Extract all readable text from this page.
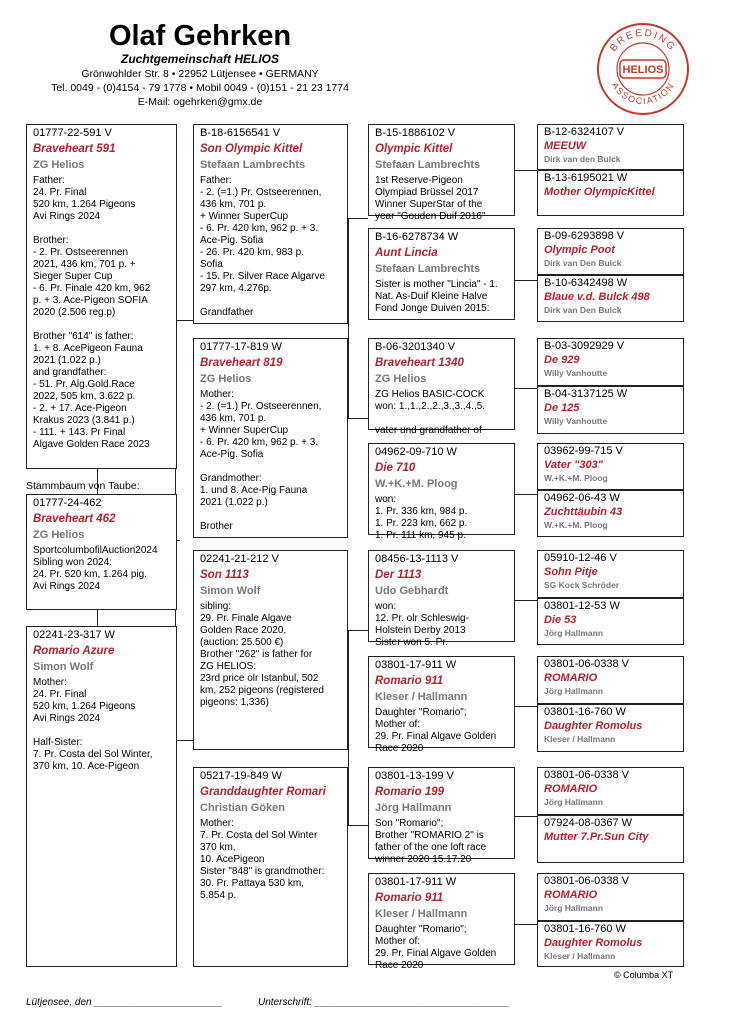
Olaf Gehrken
Zuchtgemeinschaft HELIOS
Grönwohlder Str. 8 • 22952 Lütjensee • GERMANY
Tel. 0049 - (0)4154 - 79 1778 • Mobil 0049 - (0)151 - 21 23 1774
E-Mail: ogehrken@gmx.de
BREEDING
ASSOCIATION
HELIOS
01777-22-591 V
Braveheart 591
ZG Helios
Father:
24. Pr. Final
520 km, 1.264 Pigeons
Avi Rings 2024

Brother:
- 2. Pr. Ostseerennen
2021, 436 km, 701 p. +
Sieger Super Cup
- 6. Pr. Finale 420 km, 962
p. + 3. Ace-Pigeon SOFIA
2020 (2.506 reg.p)

Brother "614" is father:
1. + 8. AcePigeon Fauna
2021 (1.022 p.)
and grandfather:
- 51. Pr. Alg.Gold.Race
2022, 505 km, 3.622 p.
- 2. + 17. Ace-Pigeon
Krakus 2023 (3.841 p.)
- 111. + 143. Pr Final
Algave Golden Race 2023
Stammbaum von Taube:
01777-24-462
Braveheart 462
ZG Helios
SportcolumbofilAuction2024
Sibling won 2024:
24. Pr. 520 km, 1.264 pig.
Avi Rings 2024
02241-23-317 W
Romario Azure
Simon Wolf
Mother:
24. Pr. Final
520 km, 1.264 Pigeons
Avi Rings 2024

Half-Sister:
7. Pr. Costa del Sol Winter,
370 km, 10. Ace-Pigeon
B-18-6156541 V
Son Olympic Kittel
Stefaan Lambrechts
Father:
- 2. (=1.) Pr. Ostseerennen,
436 km, 701 p.
+ Winner SuperCup
- 6. Pr. 420 km, 962 p. + 3.
Ace-Pig. Sofia
- 26. Pr. 420 km, 983 p.
Sofia
- 15. Pr. Silver Race Algarve
297 km, 4.276p.

Grandfather
01777-17-819 W
Braveheart 819
ZG Helios
Mother:
- 2. (=1.) Pr. Ostseerennen,
436 km, 701 p.
+ Winner SuperCup
- 6. Pr. 420 km, 962 p. + 3.
Ace-Pig. Sofia

Grandmother:
1. und 8. Ace-Pig Fauna
2021 (1.022 p.)

Brother
02241-21-212 V
Son 1113
Simon Wolf
sibling:
29. Pr. Finale Algave
Golden Race 2020,
(auction: 25.500 €)
Brother "262" is father for
ZG HELIOS:
23rd price olr Istanbul, 502
km, 252 pigeons (registered
pigeons: 1,336)
05217-19-849 W
Granddaughter Romari
Christian Göken
Mother:
7. Pr. Costa del Sol Winter
370 km,
10. AcePigeon
Sister "848" is grandmother:
30. Pr. Pattaya 530 km,
5.854 p.
B-15-1886102 V
Olympic Kittel
Stefaan Lambrechts
1st Reserve-Pigeon
Olympiad Brüssel 2017
Winner SuperStar of the
year "Gouden Duif 2016"
B-16-6278734 W
Aunt Lincia
Stefaan Lambrechts
Sister is mother "Lincia" - 1.
Nat. As-Duif Kleine Halve
Fond Jonge Duiven 2015:
B-06-3201340 V
Braveheart 1340
ZG Helios
ZG Helios BASIC-COCK
won: 1.,1.,2.,2.,3.,3.,4.,5.

vater und grandfather of
04962-09-710 W
Die 710
W.+K.+M. Ploog
won:
1. Pr. 336 km, 984 p.
1. Pr. 223 km, 662 p.
1. Pr. 111 km, 945 p.
08456-13-1113 V
Der 1113
Udo Gebhardt
won:
12. Pr. olr Schleswig-
Holstein Derby 2013
Sister won 5. Pr.
03801-17-911 W
Romario 911
Kleser / Hallmann
Daughter "Romario";
Mother of:
29. Pr. Final Algave Golden
Race 2020
03801-13-199 V
Romario 199
Jörg Hallmann
Son "Romario";
Brother "ROMARIO 2" is
father of the one loft race
winner 2020 15.17.20
03801-17-911 W
Romario 911
Kleser / Hallmann
Daughter "Romario";
Mother of:
29. Pr. Final Algave Golden
Race 2020
B-12-6324107 V
MEEUW
Dirk van den Bulck
B-13-6195021 W
Mother OlympicKittel
B-09-6293898 V
Olympic Poot
Dirk van Den Bulck
B-10-6342498 W
Blaue v.d. Bulck 498
Dirk van Den Bulck
B-03-3092929 V
De 929
Willy Vanhoutte
B-04-3137125 W
De 125
Willy Vanhoutte
03962-99-715 V
Vater "303"
W.+K.+M. Ploog
04962-06-43 W
Zuchttäubin 43
W.+K.+M. Ploog
05910-12-46 V
Sohn Pitje
SG Kock Schröder
03801-12-53 W
Die 53
Jörg Hallmann
03801-06-0338 V
ROMARIO
Jörg Hallmann
03801-16-760 W
Daughter Romolus
Kleser / Hallmann
03801-06-0338 V
ROMARIO
Jörg Hallmann
07924-08-0367 W
Mutter 7.Pr.Sun City
03801-06-0338 V
ROMARIO
Jörg Hallmann
03801-16-760 W
Daughter Romolus
Kleser / Hallmann
© Columba XT
Lütjensee, den _______________________	Unterschrift: ___________________________________
